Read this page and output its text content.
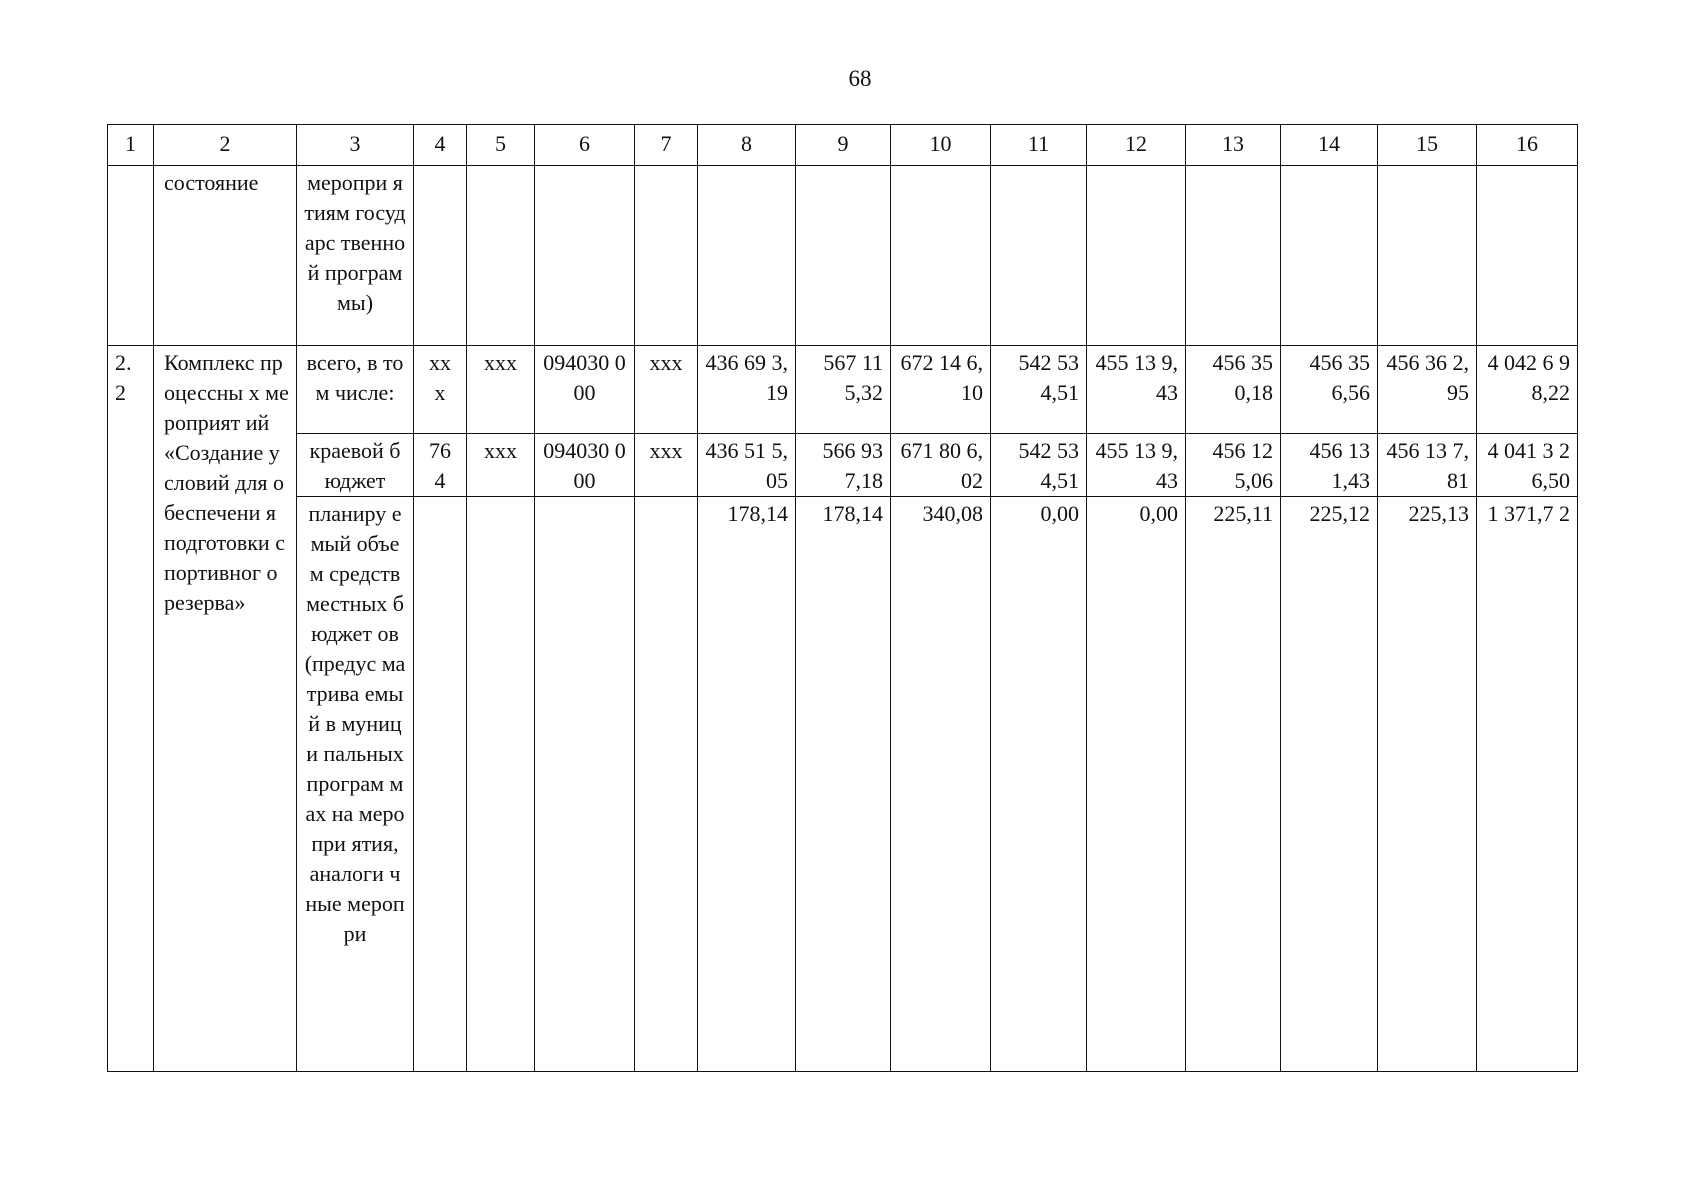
68
1	2	3	4	5	6	7	8	9	10	11	12	13	14	15	16
	состояние	меропри ятиям государс твенной програм мы)													
2. 2	Комплекс процессны х мероприят ий «Создание условий для обеспечени я подготовки спортивног о резерва»	всего, в том числе:	хх х	ххх	094030 000	ххх	436 69 3,19	567 11 5,32	672 14 6,10	542 53 4,51	455 13 9,43	456 35 0,18	456 35 6,56	456 36 2,95	4 042 6 98,22
		краевой бюджет	76 4	ххх	094030 000	ххх	436 51 5,05	566 93 7,18	671 80 6,02	542 53 4,51	455 13 9,43	456 12 5,06	456 13 1,43	456 13 7,81	4 041 3 26,50
		планиру емый объем средств местных бюджет ов (предус матрива емый в муници пальных програм мах на меропри ятия, аналоги чные меропри					178,14	178,14	340,08	0,00	0,00	225,11	225,12	225,13	1 371,7 2
